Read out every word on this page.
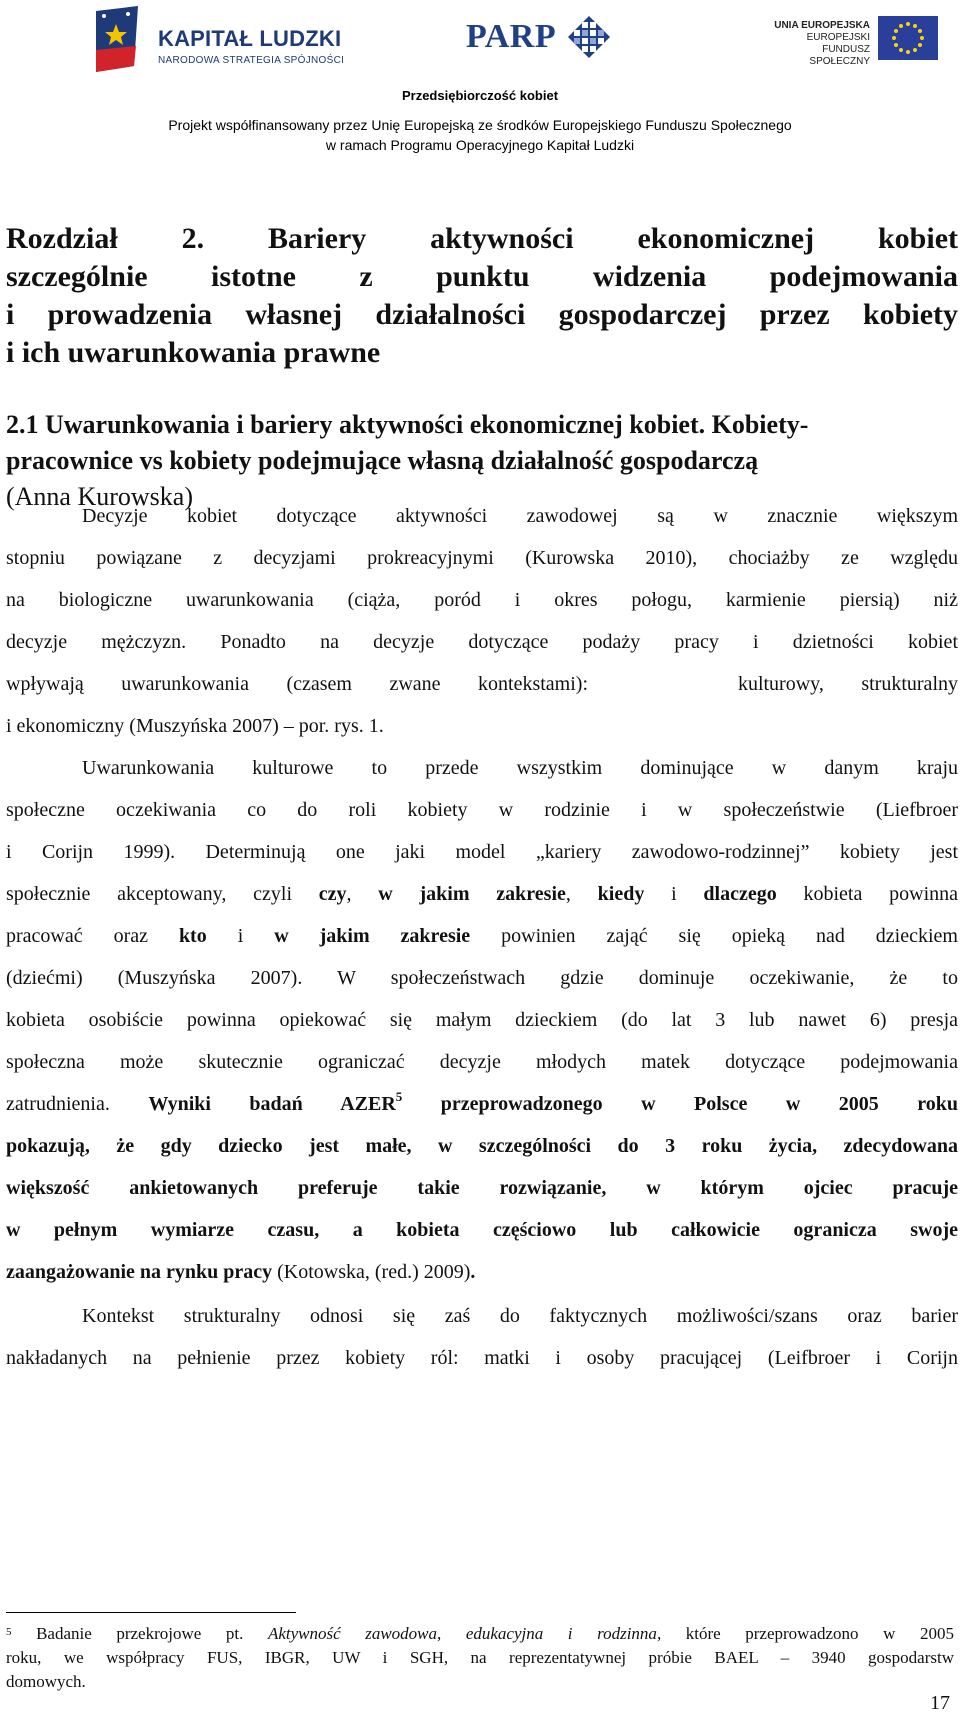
KAPITAŁ LUDZKI
NARODOWA STRATEGIA SPÓJNOŚCI
PARP	UNIA EUROPEJSKA
EUROPEJSKI
FUNDUSZ SPOŁECZNY
Przedsiębiorczość kobiet
Projekt współfinansowany przez Unię Europejską ze środków Europejskiego Funduszu Społecznego
w ramach Programu Operacyjnego Kapitał Ludzki
Rozdział 2. Bariery aktywności ekonomicznej kobiet
szczególnie istotne z punktu widzenia podejmowania
i prowadzenia własnej działalności gospodarczej przez kobiety
i ich uwarunkowania prawne
2.1 Uwarunkowania i bariery aktywności ekonomicznej kobiet. Kobiety-
pracownice vs kobiety podejmujące własną działalność gospodarczą
(Anna Kurowska)
Decyzje kobiet dotyczące aktywności zawodowej są w znacznie większym
stopniu powiązane z decyzjami prokreacyjnymi (Kurowska 2010), chociażby ze względu
na biologiczne uwarunkowania (ciąża, poród i okres połogu, karmienie piersią) niż
decyzje mężczyzn. Ponadto na decyzje dotyczące podaży pracy i dzietności kobiet
wpływają uwarunkowania (czasem zwane kontekstami):    kulturowy, strukturalny
i ekonomiczny (Muszyńska 2007) – por. rys. 1.
Uwarunkowania kulturowe to przede wszystkim dominujące w danym kraju
społeczne oczekiwania co do roli kobiety w rodzinie i w społeczeństwie (Liefbroer
i Corijn 1999). Determinują one jaki model „kariery zawodowo-rodzinnej” kobiety jest
społecznie akceptowany, czyli czy, w jakim zakresie, kiedy i dlaczego kobieta powinna
pracować oraz kto i w jakim zakresie powinien zająć się opieką nad dzieckiem
(dziećmi) (Muszyńska 2007). W społeczeństwach gdzie dominuje oczekiwanie, że to
kobieta osobiście powinna opiekować się małym dzieckiem (do lat 3 lub nawet 6) presja
społeczna może skutecznie ograniczać decyzje młodych matek dotyczące podejmowania
zatrudnienia. Wyniki badań AZER$^5$ przeprowadzonego w Polsce w 2005 roku
pokazują, że gdy dziecko jest małe, w szczególności do 3 roku życia, zdecydowana
większość ankietowanych preferuje takie rozwiązanie, w którym ojciec pracuje
w pełnym wymiarze czasu, a kobieta częściowo lub całkowicie ogranicza swoje
zaangażowanie na rynku pracy (Kotowska, (red.) 2009).
Kontekst strukturalny odnosi się zaś do faktycznych możliwości/szans oraz barier
nakładanych na pełnienie przez kobiety ról: matki i osoby pracującej (Leifbroer i Corijn
$^5$ Badanie przekrojowe pt. Aktywność zawodowa, edukacyjna i rodzinna, które przeprowadzono w 2005
roku, we współpracy FUS, IBGR, UW i SGH, na reprezentatywnej próbie BAEL – 3940 gospodarstw
domowych.
17
